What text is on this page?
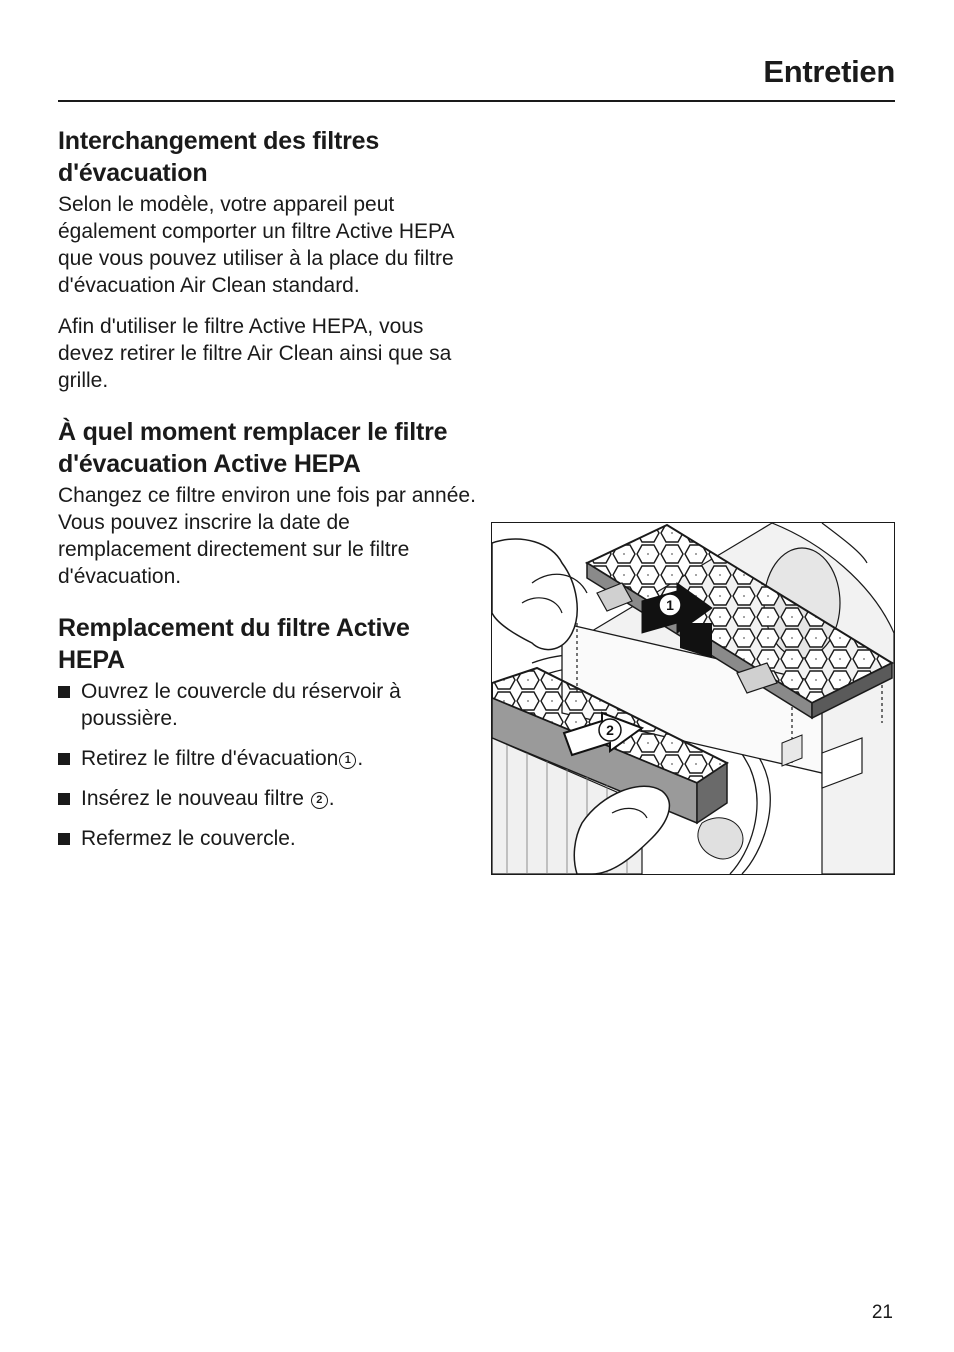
Entretien
Interchangement des filtres d'évacuation

Selon le modèle, votre appareil peut également comporter un filtre Active HEPA que vous pouvez utiliser à la place du filtre d'évacuation Air Clean standard.

Afin d'utiliser le filtre Active HEPA, vous devez retirer le filtre Air Clean ainsi que sa grille.

À quel moment remplacer le filtre d'évacuation Active HEPA

Changez ce filtre environ une fois par année. Vous pouvez inscrire la date de remplacement directement sur le filtre d'évacuation.

Remplacement du filtre Active HEPA
Ouvrez le couvercle du réservoir à poussière.
Retirez le filtre d'évacuation 1 .
Insérez le nouveau filtre 2 .
Refermez le couvercle.
1
2
21
